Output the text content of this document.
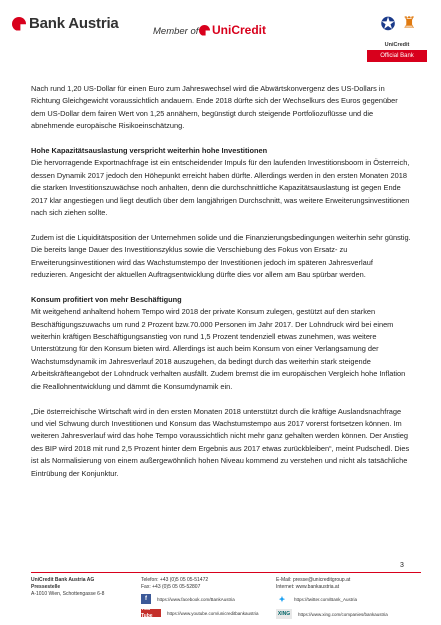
Bank Austria	Member of UniCredit	✪ ♜
UniCredit
Official Bank

Nach rund 1,20 US-Dollar für einen Euro zum Jahreswechsel wird die Abwärtskonvergenz des US-Dollars in Richtung Gleichgewicht voraussichtlich andauern. Ende 2018 dürfte sich der Wechselkurs des Euros gegenüber dem US-Dollar dem fairen Wert von 1,25 annähern, begünstigt durch steigende Portfoliozuflüsse und die abnehmende europäische Risikoeinschätzung.

Hohe Kapazitätsauslastung verspricht weiterhin hohe Investitionen

Die hervorragende Exportnachfrage ist ein entscheidender Impuls für den laufenden Investitionsboom in Österreich, dessen Dynamik 2017 jedoch den Höhepunkt erreicht haben dürfte. Allerdings werden in den ersten Monaten 2018 die starken Investitionszuwächse noch anhalten, denn die durchschnittliche Kapazitätsauslastung ist gegen Ende 2017 klar angestiegen und liegt deutlich über dem langjährigen Durchschnitt, was weitere Erweiterungsinvestitionen nach sich ziehen sollte.

Zudem ist die Liquiditätsposition der Unternehmen solide und die Finanzierungsbedingungen weiterhin sehr günstig. Die bereits lange Dauer des Investitionszyklus sowie die Verschiebung des Fokus von Ersatz- zu Erweiterungsinvestitionen wird das Wachstumstempo der Investitionen jedoch im späteren Jahresverlauf reduzieren. Angesicht der aktuellen Auftragsentwicklung dürfte dies vor allem am Bau spürbar werden.

Konsum profitiert von mehr Beschäftigung

Mit weitgehend anhaltend hohem Tempo wird 2018 der private Konsum zulegen, gestützt auf den starken Beschäftigungszuwachs um rund 2 Prozent bzw.70.000 Personen im Jahr 2017. Der Lohndruck wird bei einem weiterhin kräftigen Beschäftigungsanstieg von rund 1,5 Prozent tendenziell etwas zunehmen, was weitere Unterstützung für den Konsum bieten wird. Allerdings ist auch beim Konsum von einer Verlangsamung der Wachstumsdynamik im Jahresverlauf 2018 auszugehen, da bedingt durch das weiterhin stark steigende Arbeitskräfteangebot der Lohndruck verhalten ausfällt. Zudem bremst die im europäischen Vergleich hohe Inflation die Reallohnentwicklung und dämmt die Konsumdynamik ein.

„Die österreichische Wirtschaft wird in den ersten Monaten 2018 unterstützt durch die kräftige Auslandsnachfrage und viel Schwung durch Investitionen und Konsum das Wachstumstempo aus 2017 vorerst fortsetzen können. Im weiteren Jahresverlauf wird das hohe Tempo voraussichtlich nicht mehr ganz gehalten werden können. Der Anstieg des BIP wird 2018 mit rund 2,5 Prozent hinter dem Ergebnis aus 2017 etwas zurückbleiben“, meint Pudschedl. Dies ist als Normalisierung von einem außergewöhnlich hohen Niveau kommend zu verstehen und nicht als tatsächliche Eintrübung der Konjunktur.

3
UniCredit Bank Austria AG
Pressestelle
A-1010 Wien, Schottengasse 6-8
Telefon: +43 (0)5 05 05-51472
Fax: +43 (0)5 05 05-52807
E-Mail: presse@unicreditgroup.at
Internet: www.bankaustria.at
f	https://www.facebook.com/BankAustria
You Tube	https://www.youtube.com/unicreditbankaustria
✦	https://twitter.com/Bank_Austria
XING	https://www.xing.com/companies/bankaustria
